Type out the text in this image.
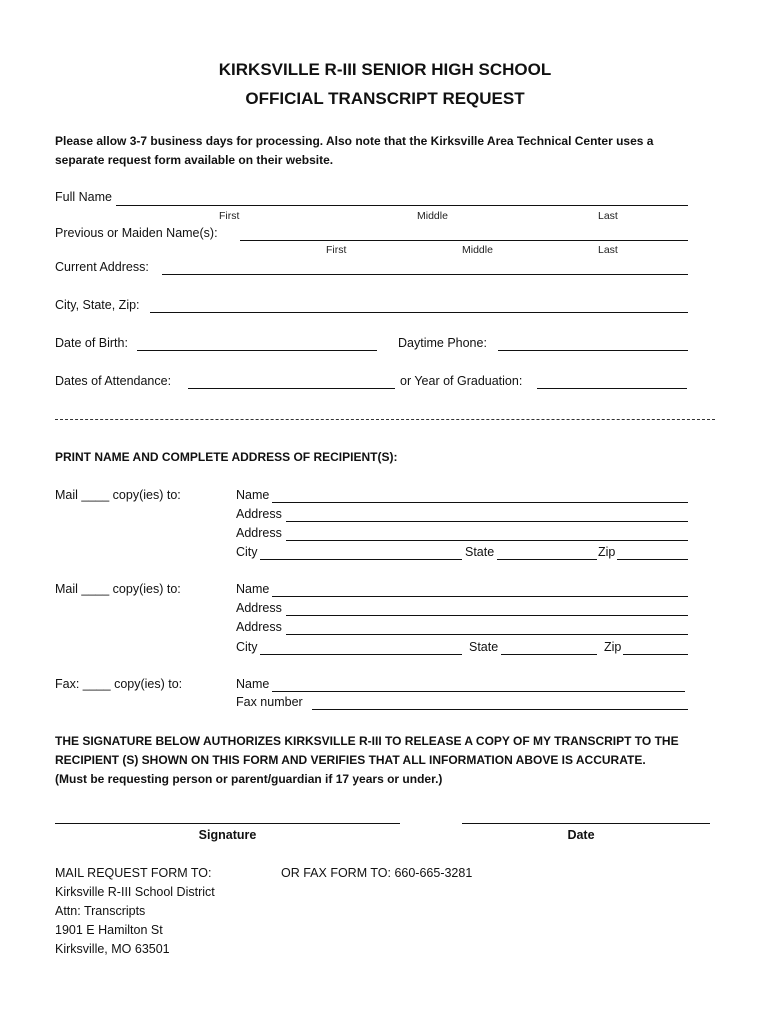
KIRKSVILLE R-III SENIOR HIGH SCHOOL
OFFICIAL TRANSCRIPT REQUEST
Please allow 3-7 business days for processing. Also note that the Kirksville Area Technical Center uses a
separate request form available on their website.
Full Name
First	Middle	Last
Previous or Maiden Name(s):
First	Middle	Last
Current Address:
City, State, Zip:
Date of Birth:	Daytime Phone:
Dates of Attendance:	or Year of Graduation:
PRINT NAME AND COMPLETE ADDRESS OF RECIPIENT(S):
Mail ____ copy(ies) to:	Name
Address
Address
City	State	Zip
Mail ____ copy(ies) to:	Name
Address
Address
City	State	Zip
Fax: ____ copy(ies) to:	Name
Fax number
THE SIGNATURE BELOW AUTHORIZES KIRKSVILLE R-III TO RELEASE A COPY OF MY TRANSCRIPT TO THE
RECIPIENT (S) SHOWN ON THIS FORM AND VERIFIES THAT ALL INFORMATION ABOVE IS ACCURATE.
(Must be requesting person or parent/guardian if 17 years or under.)
Signature	Date
MAIL REQUEST FORM TO:
Kirksville R-III School District
Attn: Transcripts
1901 E Hamilton St
Kirksville, MO 63501
OR FAX FORM TO: 660-665-3281
